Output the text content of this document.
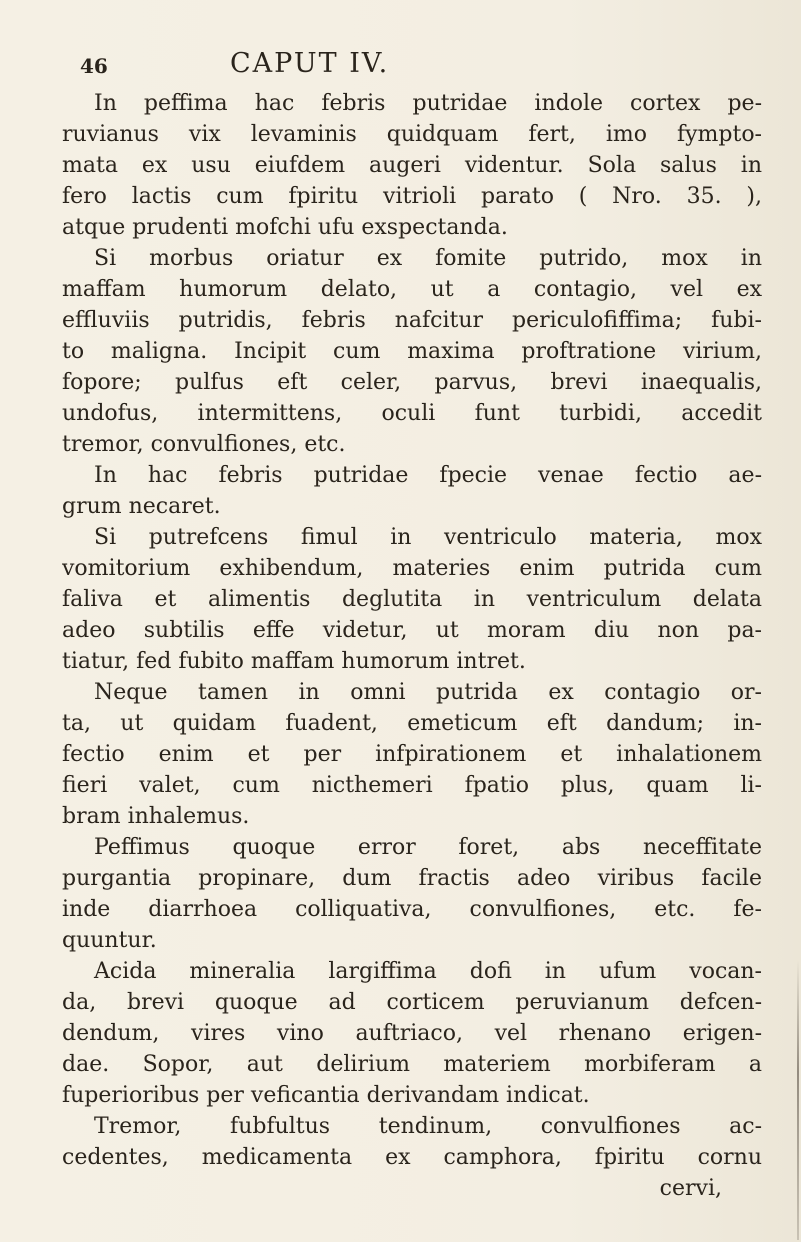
46	CAPUT IV.
In peffima hac febris putridae indole cortex pe-
ruvianus vix levaminis quidquam fert, imo fympto-
mata ex usu eiufdem augeri videntur. Sola salus in
fero lactis cum fpiritu vitrioli parato ( Nro. 35. ),
atque prudenti mofchi ufu exspectanda.
Si morbus oriatur ex fomite putrido, mox in
maffam humorum delato, ut a contagio, vel ex
effluviis putridis, febris nafcitur periculofiffima; fubi-
to maligna. Incipit cum maxima proftratione virium,
fopore; pulfus eft celer, parvus, brevi inaequalis,
undofus, intermittens, oculi funt turbidi, accedit
tremor, convulfiones, etc.
In hac febris putridae fpecie venae fectio ae-
grum necaret.
Si putrefcens fimul in ventriculo materia, mox
vomitorium exhibendum, materies enim putrida cum
faliva et alimentis deglutita in ventriculum delata
adeo subtilis effe videtur, ut moram diu non pa-
tiatur, fed fubito maffam humorum intret.
Neque tamen in omni putrida ex contagio or-
ta, ut quidam fuadent, emeticum eft dandum; in-
fectio enim et per infpirationem et inhalationem
fieri valet, cum nicthemeri fpatio plus, quam li-
bram inhalemus.
Peffimus quoque error foret, abs neceffitate
purgantia propinare, dum fractis adeo viribus facile
inde diarrhoea colliquativa, convulfiones, etc. fe-
quuntur.
Acida mineralia largiffima dofi in ufum vocan-
da, brevi quoque ad corticem peruvianum defcen-
dendum, vires vino auftriaco, vel rhenano erigen-
dae. Sopor, aut delirium materiem morbiferam a
fuperioribus per veficantia derivandam indicat.
Tremor, fubfultus tendinum, convulfiones ac-
cedentes, medicamenta ex camphora, fpiritu cornu
cervi,
